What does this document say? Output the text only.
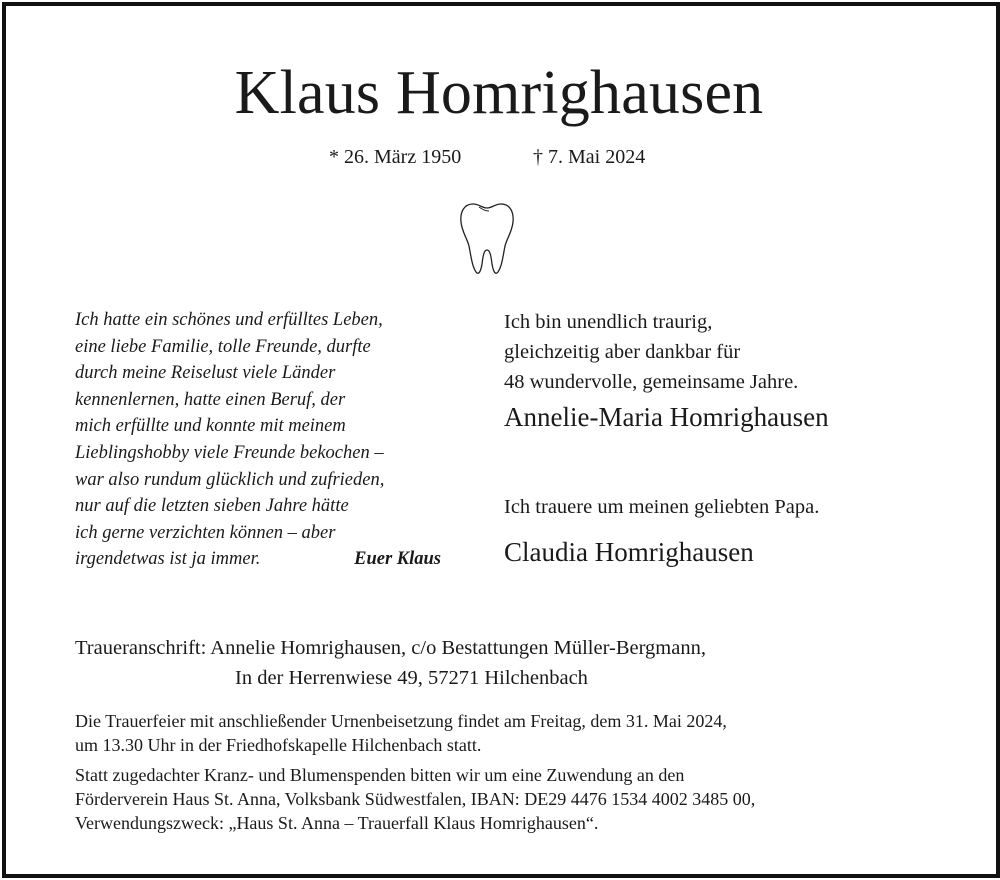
Klaus Homrighausen
* 26. März 1950	† 7. Mai 2024
Ich hatte ein schönes und erfülltes Leben,
eine liebe Familie, tolle Freunde, durfte
durch meine Reiselust viele Länder
kennenlernen, hatte einen Beruf, der
mich erfüllte und konnte mit meinem
Lieblingshobby viele Freunde bekochen –
war also rundum glücklich und zufrieden,
nur auf die letzten sieben Jahre hätte
ich gerne verzichten können – aber
irgendetwas ist ja immer.	Euer Klaus
Ich bin unendlich traurig,
gleichzeitig aber dankbar für
48 wundervolle, gemeinsame Jahre.
Annelie-Maria Homrighausen
Ich trauere um meinen geliebten Papa.
Claudia Homrighausen
Traueranschrift: Annelie Homrighausen, c/o Bestattungen Müller-Bergmann,
In der Herrenwiese 49, 57271 Hilchenbach
Die Trauerfeier mit anschließender Urnenbeisetzung findet am Freitag, dem 31. Mai 2024,
um 13.30 Uhr in der Friedhofskapelle Hilchenbach statt.
Statt zugedachter Kranz- und Blumenspenden bitten wir um eine Zuwendung an den
Förderverein Haus St. Anna, Volksbank Südwestfalen, IBAN: DE29 4476 1534 4002 3485 00,
Verwendungszweck: „Haus St. Anna – Trauerfall Klaus Homrighausen“.
